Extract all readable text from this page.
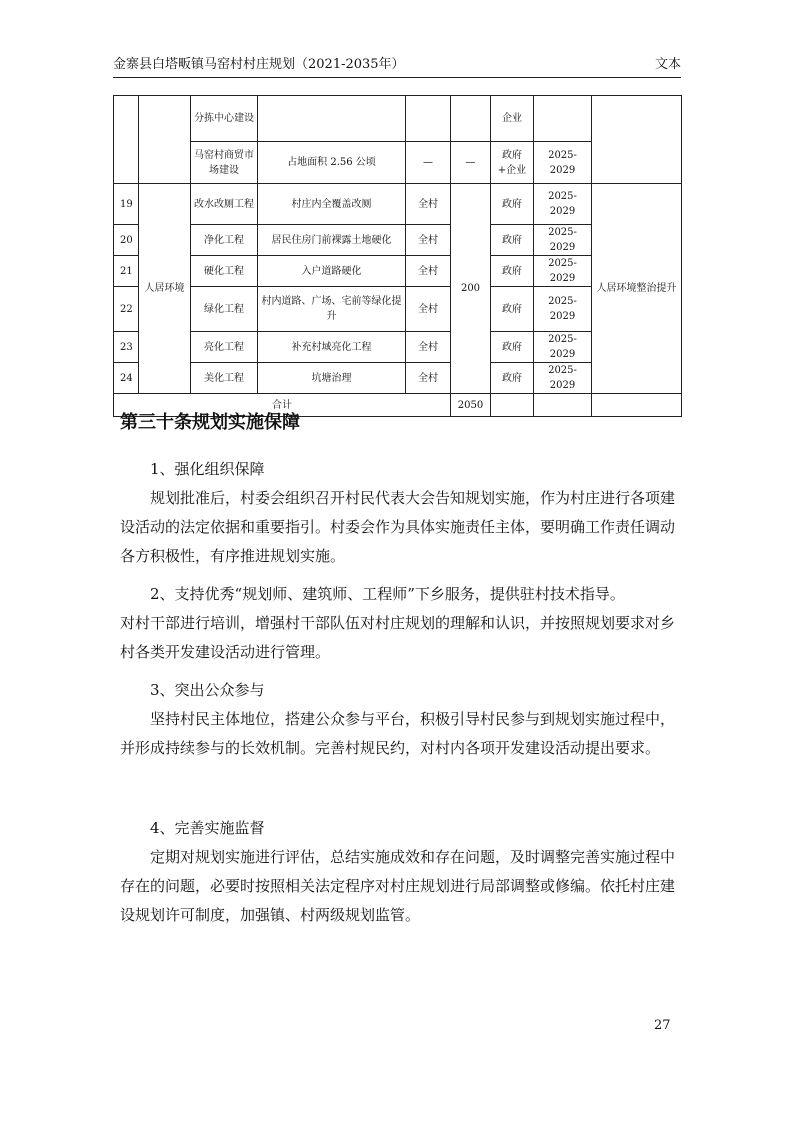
金寨县白塔畈镇马窑村村庄规划（2021-2035年）	文本
		分拣中心建设				企业		
		马窑村商贸市场建设	占地面积 2.56 公顷	—	—	政府+企业	2025-2029	
19	人居环境	改水改厕工程	村庄内全覆盖改厕	全村	200	政府	2025-2029	人居环境整治提升
20		净化工程	居民住房门前裸露土地硬化	全村		政府	2025-2029	
21		硬化工程	入户道路硬化	全村		政府	2025-2029	
22		绿化工程	村内道路、广场、宅前等绿化提升	全村		政府	2025-2029	
23		亮化工程	补充村域亮化工程	全村		政府	2025-2029	
24		美化工程	坑塘治理	全村		政府	2025-2029	
合计					2050			
第三十条规划实施保障

1、强化组织保障

规划批准后，村委会组织召开村民代表大会告知规划实施，作为村庄进行各项建设活动的法定依据和重要指引。村委会作为具体实施责任主体，要明确工作责任调动各方积极性，有序推进规划实施。

2、支持优秀“规划师、建筑师、工程师”下乡服务，提供驻村技术指导。

对村干部进行培训，增强村干部队伍对村庄规划的理解和认识，并按照规划要求对乡村各类开发建设活动进行管理。

3、突出公众参与

坚持村民主体地位，搭建公众参与平台，积极引导村民参与到规划实施过程中，并形成持续参与的长效机制。完善村规民约，对村内各项开发建设活动提出要求。

4、完善实施监督

定期对规划实施进行评估，总结实施成效和存在问题，及时调整完善实施过程中存在的问题，必要时按照相关法定程序对村庄规划进行局部调整或修编。依托村庄建设规划许可制度，加强镇、村两级规划监管。

27
